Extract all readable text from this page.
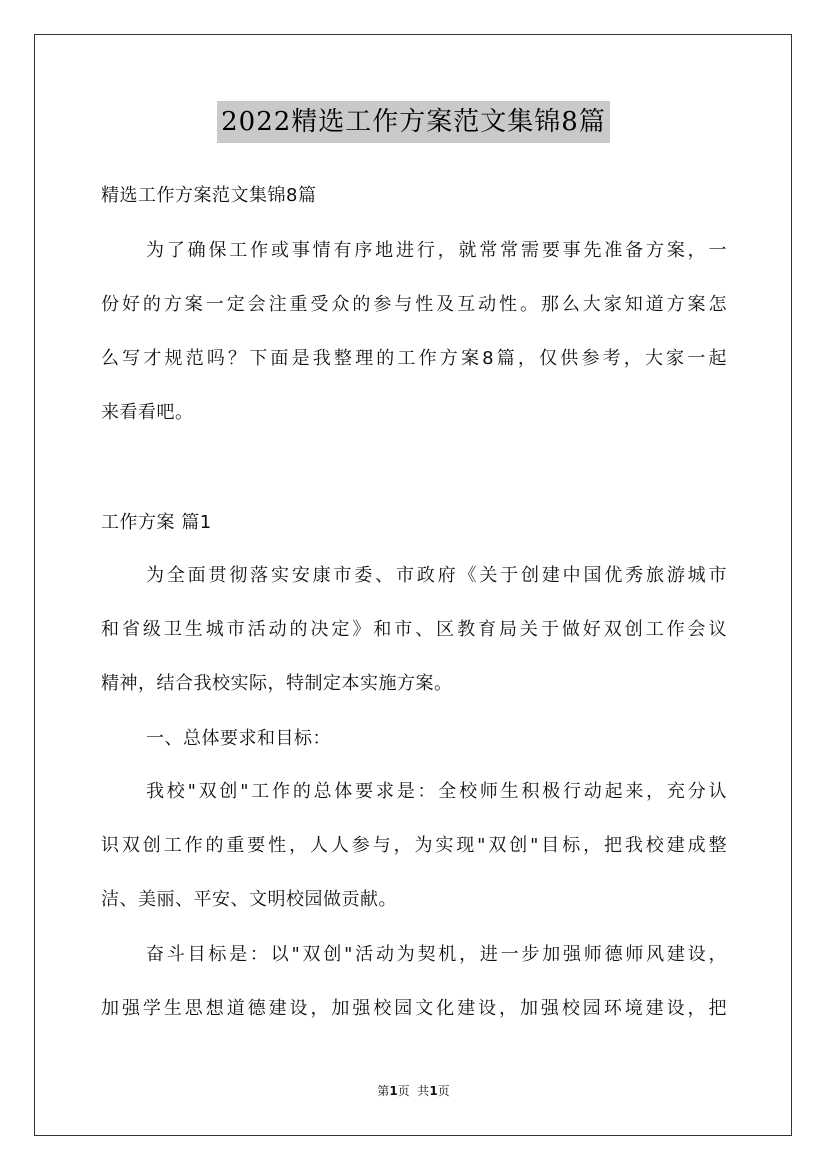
2022精选工作方案范文集锦8篇
精选工作方案范文集锦8篇
为了确保工作或事情有序地进行，就常常需要事先准备方案，一
份好的方案一定会注重受众的参与性及互动性。那么大家知道方案怎
么写才规范吗？下面是我整理的工作方案8篇，仅供参考，大家一起
来看看吧。
工作方案 篇1
为全面贯彻落实安康市委、市政府《关于创建中国优秀旅游城市
和省级卫生城市活动的决定》和市、区教育局关于做好双创工作会议
精神，结合我校实际，特制定本实施方案。
一、总体要求和目标：
我校"双创"工作的总体要求是：全校师生积极行动起来，充分认
识双创工作的重要性，人人参与，为实现"双创"目标，把我校建成整
洁、美丽、平安、文明校园做贡献。
奋斗目标是：以"双创"活动为契机，进一步加强师德师风建设，
加强学生思想道德建设，加强校园文化建设，加强校园环境建设，把
第1页  共1页
